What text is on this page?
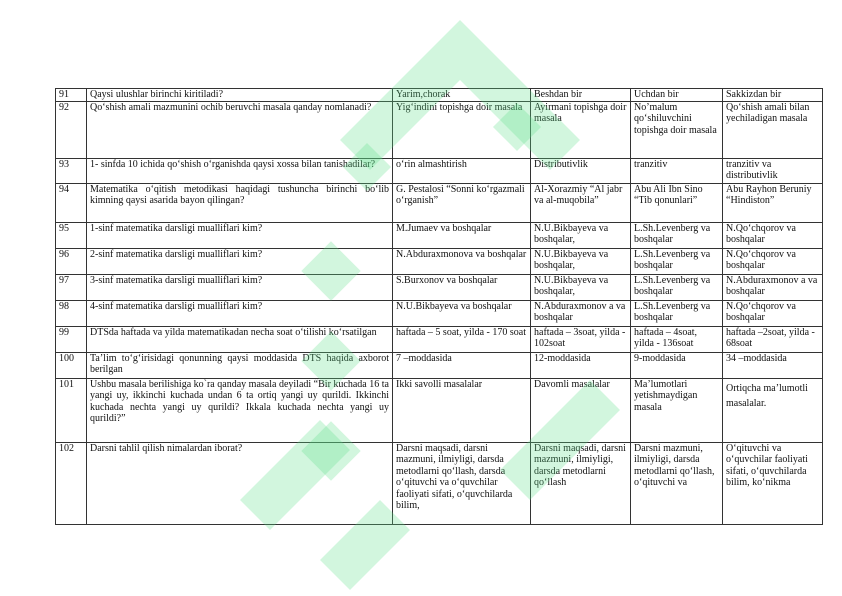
91	Qaysi ulushlar birinchi kiritiladi?	Yarim,chorak	Beshdan bir	Uchdan bir	Sakkizdan bir
92	Qo‘shish amali mazmunini ochib beruvchi masala qanday nomlanadi?	Yig‘indini topishga doir masala	Ayirmani topishga doir masala	No’malum qo‘shiluvchini topishga doir masala	Qo‘shish amali bilan yechiladigan masala
93	1- sinfda 10 ichida qo‘shish o‘rganishda qaysi xossa bilan tanishadilar?	o‘rin almashtirish	Distributivlik	tranzitiv	tranzitiv va distributivlik
94	Matematika o‘qitish metodikasi haqidagi tushuncha birinchi bo‘lib kimning qaysi asarida bayon qilingan?	G. Pestalosi “Sonni ko‘rgazmali o‘rganish”	Al-Xorazmiy “Al jabr va al-muqobila”	Abu Ali Ibn Sino “Tib qonunlari”	Abu Rayhon Beruniy “Hindiston”
95	1-sinf matematika darsligi mualliflari kim?	M.Jumaev va boshqalar	N.U.Bikbayeva va boshqalar,	L.Sh.Levenberg va boshqalar	N.Qo‘chqorov va boshqalar
96	2-sinf matematika darsligi mualliflari kim?	N.Abduraxmonova va boshqalar	N.U.Bikbayeva va boshqalar,	L.Sh.Levenberg va boshqalar	N.Qo‘chqorov va boshqalar
97	3-sinf matematika darsligi mualliflari kim?	S.Burxonov va boshqalar	N.U.Bikbayeva va boshqalar,	L.Sh.Levenberg va boshqalar	N.Abduraxmonov a va boshqalar
98	4-sinf matematika darsligi mualliflari kim?	N.U.Bikbayeva va boshqalar	N.Abduraxmonov a va boshqalar	L.Sh.Levenberg va boshqalar	N.Qo‘chqorov va boshqalar
99	DTSda haftada va yilda matematikadan necha soat o‘tilishi ko‘rsatilgan	haftada – 5 soat, yilda - 170 soat	haftada – 3soat, yilda - 102soat	haftada – 4soat, yilda - 136soat	haftada –2soat, yilda - 68soat
100	Ta’lim to‘g‘irisidagi qonunning qaysi moddasida DTS haqida axborot berilgan	7 –moddasida	12-moddasida	9-moddasida	34 –moddasida
101	Ushbu masala berilishiga ko`ra qanday masala deyiladi “Bir kuchada 16 ta yangi uy, ikkinchi kuchada undan 6 ta ortiq yangi uy qurildi. Ikkinchi kuchada nechta yangi uy qurildi? Ikkala kuchada nechta yangi uy qurildi?”	Ikki savolli masalalar	Davomli masalalar	Ma’lumotlari yetishmaydigan masala	Ortiqcha ma’lumotli masalalar.
102	Darsni tahlil qilish nimalardan iborat?	Darsni maqsadi, darsni mazmuni, ilmiyligi, darsda metodlarni qo‘llash, darsda o‘qituvchi va o‘quvchilar faoliyati sifati, o‘quvchilarda bilim,	Darsni maqsadi, darsni mazmuni, ilmiyligi, darsda metodlarni qo‘llash	Darsni mazmuni, ilmiyligi, darsda metodlarni qo‘llash, o‘qituvchi va	O‘qituvchi va o‘quvchilar faoliyati sifati, o‘quvchilarda bilim, ko‘nikma
